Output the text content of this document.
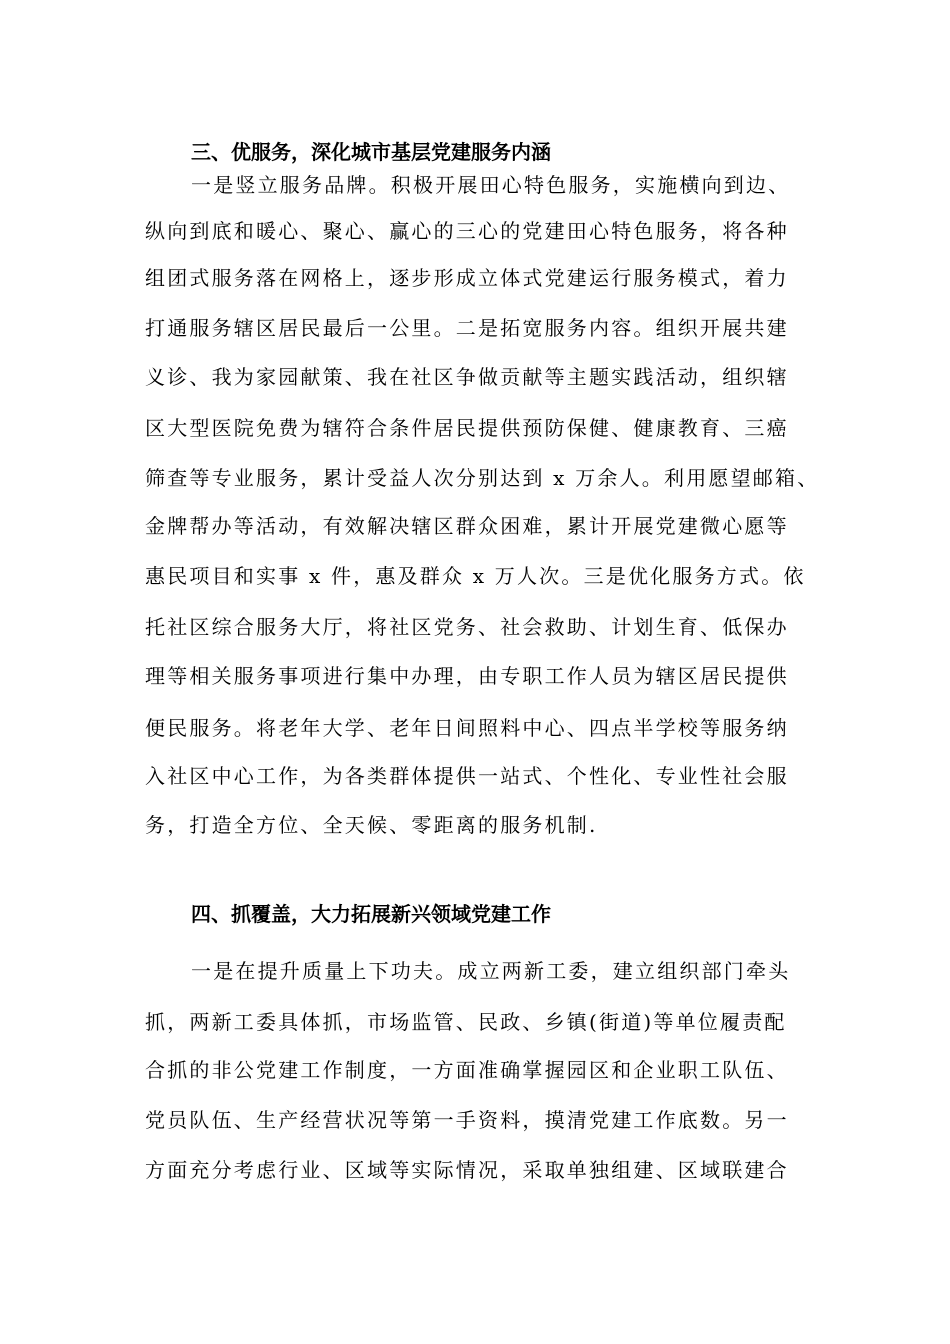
三、优服务，深化城市基层党建服务内涵
一是竖立服务品牌。积极开展田心特色服务，实施横向到边、
纵向到底和暖心、聚心、赢心的三心的党建田心特色服务，将各种
组团式服务落在网格上，逐步形成立体式党建运行服务模式，着力
打通服务辖区居民最后一公里。二是拓宽服务内容。组织开展共建
义诊、我为家园献策、我在社区争做贡献等主题实践活动，组织辖
区大型医院免费为辖符合条件居民提供预防保健、健康教育、三癌
筛查等专业服务，累计受益人次分别达到 x 万余人。利用愿望邮箱、
金牌帮办等活动，有效解决辖区群众困难，累计开展党建微心愿等
惠民项目和实事 x 件，惠及群众 x 万人次。三是优化服务方式。依
托社区综合服务大厅，将社区党务、社会救助、计划生育、低保办
理等相关服务事项进行集中办理，由专职工作人员为辖区居民提供
便民服务。将老年大学、老年日间照料中心、四点半学校等服务纳
入社区中心工作，为各类群体提供一站式、个性化、专业性社会服
务，打造全方位、全天候、零距离的服务机制.
四、抓覆盖，大力拓展新兴领域党建工作
一是在提升质量上下功夫。成立两新工委，建立组织部门牵头
抓，两新工委具体抓，市场监管、民政、乡镇(街道)等单位履责配
合抓的非公党建工作制度，一方面准确掌握园区和企业职工队伍、
党员队伍、生产经营状况等第一手资料，摸清党建工作底数。另一
方面充分考虑行业、区域等实际情况，采取单独组建、区域联建合
